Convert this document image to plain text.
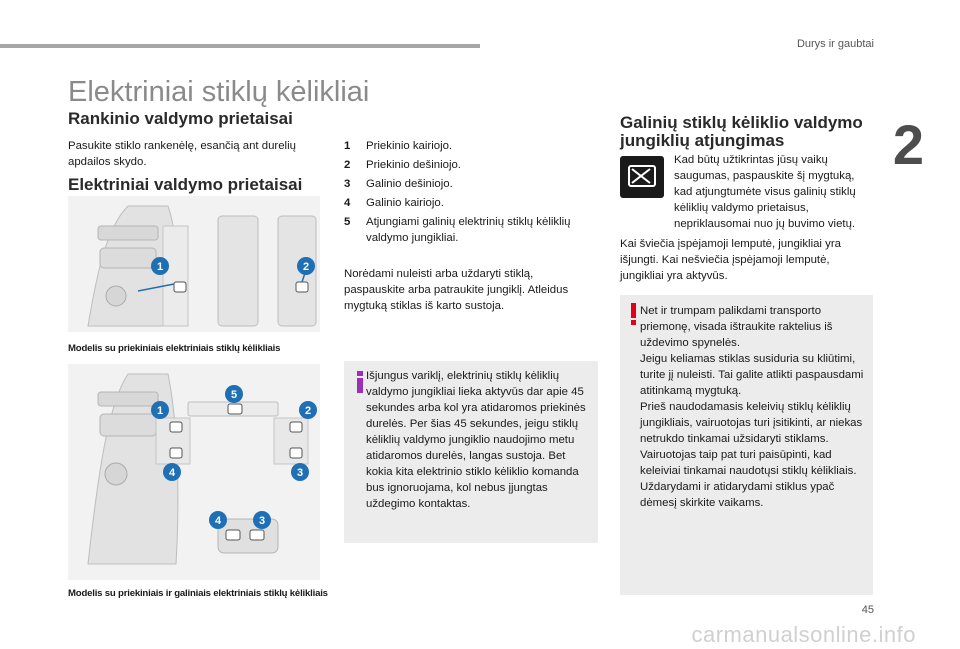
Durys ir gaubtai
2
Elektriniai stiklų kėlikliai
Rankinio valdymo prietaisai

Pasukite stiklo rankenėlę, esančią ant durelių apdailos skydo.

Elektriniai valdymo prietaisai
1	2
Modelis su priekiniais elektriniais stiklų kėlikliais
5
1	2
4	3
4	3
Modelis su priekiniais ir galiniais elektriniais stiklų kėlikliais
1	Priekinio kairiojo.
2	Priekinio dešiniojo.
3	Galinio dešiniojo.
4	Galinio kairiojo.
5	Atjungiami galinių elektrinių stiklų kėliklių valdymo jungikliai.

Norėdami nuleisti arba uždaryti stiklą, paspauskite arba patraukite jungiklį. Atleidus mygtuką stiklas iš karto sustoja.

Išjungus variklį, elektrinių stiklų kėliklių valdymo jungikliai lieka aktyvūs dar apie 45 sekundes arba kol yra atidaromos priekinės durelės. Per šias 45 sekundes, jeigu stiklų kėliklių valdymo jungiklio naudojimo metu atidaromos durelės, langas sustoja. Bet kokia kita elektrinio stiklo kėliklio komanda bus ignoruojama, kol nebus įjungtas uždegimo kontaktas.

Galinių stiklų kėliklio valdymo jungiklių atjungimas

Kad būtų užtikrintas jūsų vaikų saugumas, paspauskite šį mygtuką, kad atjungtumėte visus galinių stiklų kėliklių valdymo prietaisus, nepriklausomai nuo jų buvimo vietų.

Kai šviečia įspėjamoji lemputė, jungikliai yra išjungti. Kai nešviečia įspėjamoji lemputė, jungikliai yra aktyvūs.

Net ir trumpam palikdami transporto priemonę, visada ištraukite raktelius iš uždevimo spynelės.
Jeigu keliamas stiklas susiduria su kliūtimi, turite jį nuleisti. Tai galite atlikti paspausdami atitinkamą mygtuką.
Prieš naudodamasis keleivių stiklų kėliklių jungikliais, vairuotojas turi įsitikinti, ar niekas netrukdo tinkamai užsidaryti stiklams.
Vairuotojas taip pat turi paisūpinti, kad keleiviai tinkamai naudotųsi stiklų kėlikliais.
Uždarydami ir atidarydami stiklus ypač dėmesį skirkite vaikams.

45
carmanualsonline.info
